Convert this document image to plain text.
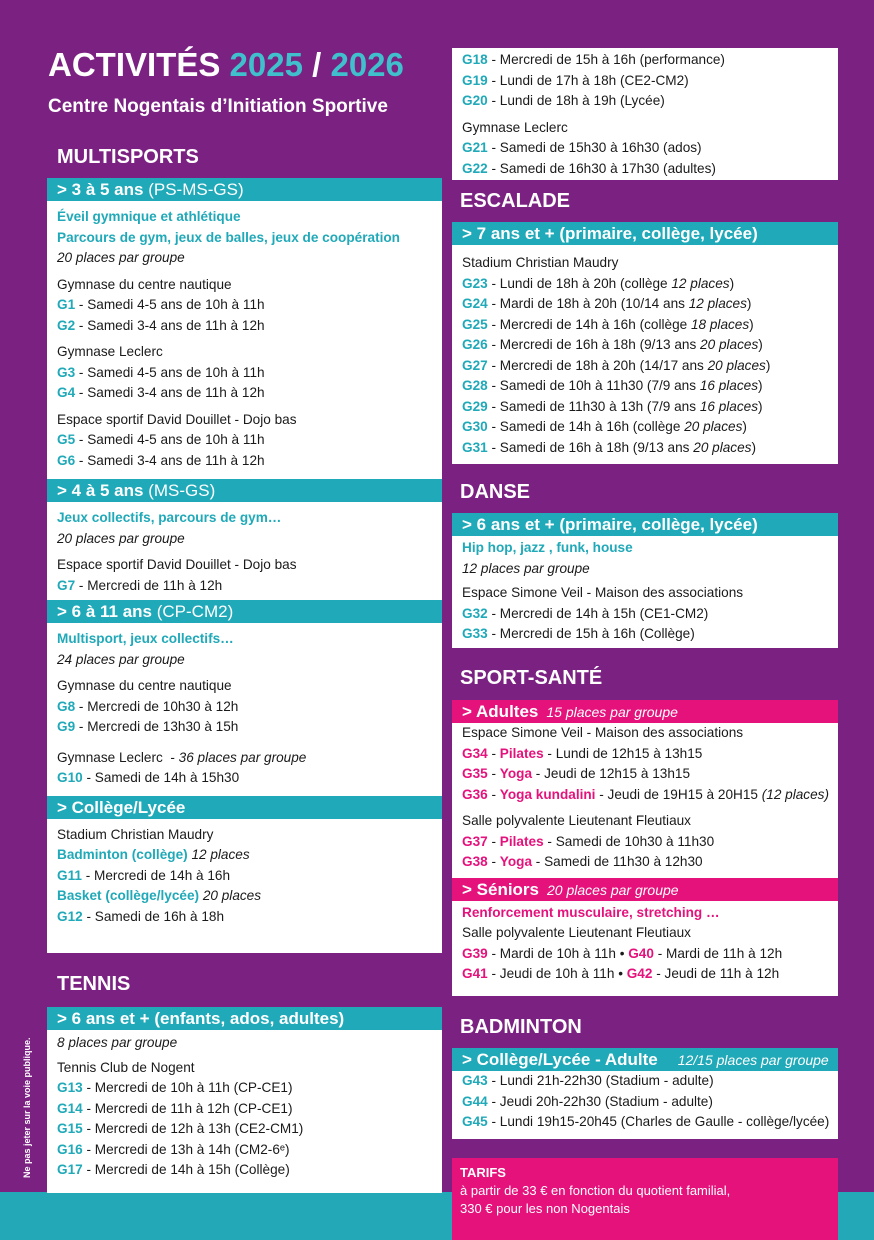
ACTIVITÉS 2025 / 2026
Centre Nogentais d’Initiation Sportive
Ne pas jeter sur la voie publique.
MULTISPORTS
> 3 à 5 ans (PS-MS-GS)
Éveil gymnique et athlétique
Parcours de gym, jeux de balles, jeux de coopération
20 places par groupe
Gymnase du centre nautique
G1 - Samedi 4-5 ans de 10h à 11h
G2 - Samedi 3-4 ans de 11h à 12h
Gymnase Leclerc
G3 - Samedi 4-5 ans de 10h à 11h
G4 - Samedi 3-4 ans de 11h à 12h
Espace sportif David Douillet - Dojo bas
G5 - Samedi 4-5 ans de 10h à 11h
G6 - Samedi 3-4 ans de 11h à 12h
> 4 à 5 ans (MS-GS)
Jeux collectifs, parcours de gym…
20 places par groupe
Espace sportif David Douillet - Dojo bas
G7 - Mercredi de 11h à 12h
> 6 à 11 ans (CP-CM2)
Multisport, jeux collectifs…
24 places par groupe
Gymnase du centre nautique
G8 - Mercredi de 10h30 à 12h
G9 - Mercredi de 13h30 à 15h
Gymnase Leclerc  - 36 places par groupe
G10 - Samedi de 14h à 15h30
> Collège/Lycée
Stadium Christian Maudry
Badminton (collège) 12 places
G11 - Mercredi de 14h à 16h
Basket (collège/lycée) 20 places
G12 - Samedi de 16h à 18h
TENNIS
> 6 ans et + (enfants, ados, adultes)
8 places par groupe
Tennis Club de Nogent
G13 - Mercredi de 10h à 11h (CP-CE1)
G14 - Mercredi de 11h à 12h (CP-CE1)
G15 - Mercredi de 12h à 13h (CE2-CM1)
G16 - Mercredi de 13h à 14h (CM2-6ᵉ)
G17 - Mercredi de 14h à 15h (Collège)
G18 - Mercredi de 15h à 16h (performance)
G19 - Lundi de 17h à 18h (CE2-CM2)
G20 - Lundi de 18h à 19h (Lycée)
Gymnase Leclerc
G21 - Samedi de 15h30 à 16h30 (ados)
G22 - Samedi de 16h30 à 17h30 (adultes)
ESCALADE
> 7 ans et + (primaire, collège, lycée)
Stadium Christian Maudry
G23 - Lundi de 18h à 20h (collège 12 places)
G24 - Mardi de 18h à 20h (10/14 ans 12 places)
G25 - Mercredi de 14h à 16h (collège 18 places)
G26 - Mercredi de 16h à 18h (9/13 ans 20 places)
G27 - Mercredi de 18h à 20h (14/17 ans 20 places)
G28 - Samedi de 10h à 11h30 (7/9 ans 16 places)
G29 - Samedi de 11h30 à 13h (7/9 ans 16 places)
G30 - Samedi de 14h à 16h (collège 20 places)
G31 - Samedi de 16h à 18h (9/13 ans 20 places)
DANSE
> 6 ans et + (primaire, collège, lycée)
Hip hop, jazz , funk, house
12 places par groupe
Espace Simone Veil - Maison des associations
G32 - Mercredi de 14h à 15h (CE1-CM2)
G33 - Mercredi de 15h à 16h (Collège)
SPORT-SANTÉ
> Adultes 15 places par groupe
Espace Simone Veil - Maison des associations
G34 - Pilates - Lundi de 12h15 à 13h15
G35 - Yoga - Jeudi de 12h15 à 13h15
G36 - Yoga kundalini - Jeudi de 19H15 à 20H15 (12 places)
Salle polyvalente Lieutenant Fleutiaux
G37 - Pilates - Samedi de 10h30 à 11h30
G38 - Yoga - Samedi de 11h30 à 12h30
> Séniors 20 places par groupe
Renforcement musculaire, stretching …
Salle polyvalente Lieutenant Fleutiaux
G39 - Mardi de 10h à 11h • G40 - Mardi de 11h à 12h
G41 - Jeudi de 10h à 11h • G42 - Jeudi de 11h à 12h
BADMINTON
> Collège/Lycée - Adulte 12/15 places par groupe
G43 - Lundi 21h-22h30 (Stadium - adulte)
G44 - Jeudi 20h-22h30 (Stadium - adulte)
G45 - Lundi 19h15-20h45 (Charles de Gaulle - collège/lycée)
TARIFS
à partir de 33 € en fonction du quotient familial,
330 € pour les non Nogentais
